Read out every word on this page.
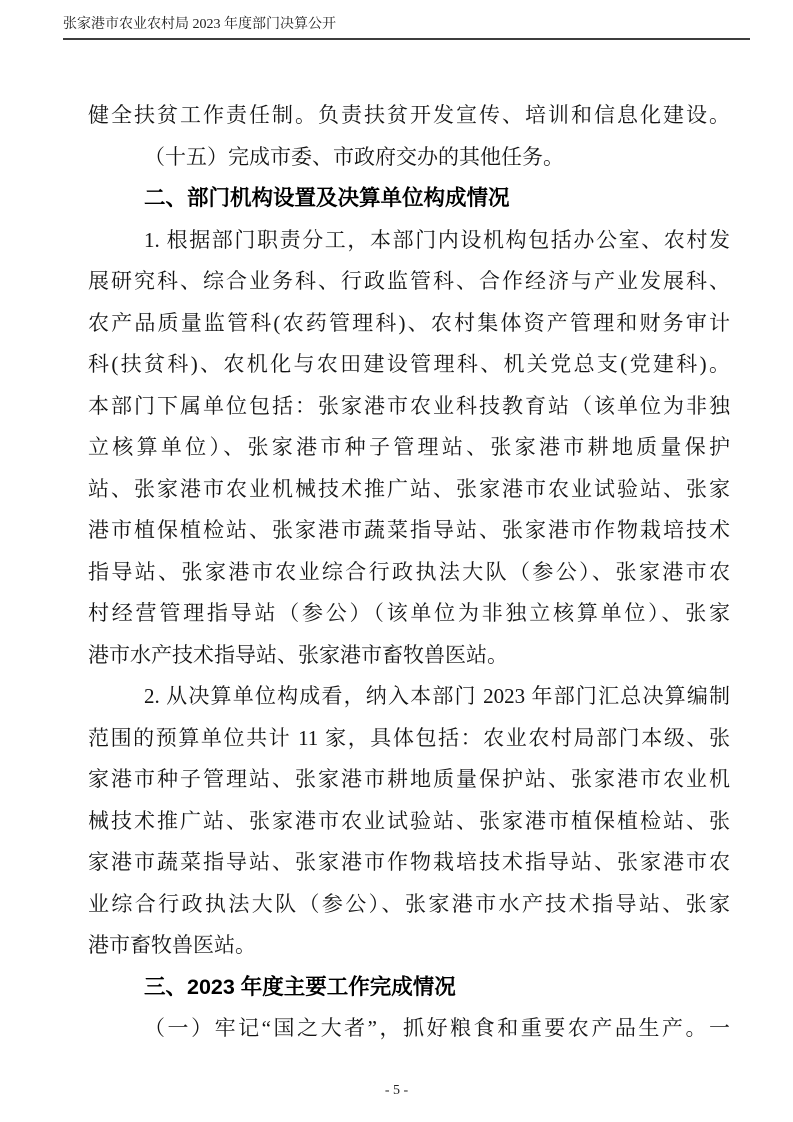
张家港市农业农村局 2023 年度部门决算公开
健全扶贫工作责任制。负责扶贫开发宣传、培训和信息化建设。
（十五）完成市委、市政府交办的其他任务。
二、部门机构设置及决算单位构成情况
1. 根据部门职责分工，本部门内设机构包括办公室、农村发
展研究科、综合业务科、行政监管科、合作经济与产业发展科、
农产品质量监管科(农药管理科)、农村集体资产管理和财务审计
科(扶贫科)、农机化与农田建设管理科、机关党总支(党建科)。
本部门下属单位包括：张家港市农业科技教育站（该单位为非独
立核算单位）、张家港市种子管理站、张家港市耕地质量保护
站、张家港市农业机械技术推广站、张家港市农业试验站、张家
港市植保植检站、张家港市蔬菜指导站、张家港市作物栽培技术
指导站、张家港市农业综合行政执法大队（参公）、张家港市农
村经营管理指导站（参公）（该单位为非独立核算单位）、张家
港市水产技术指导站、张家港市畜牧兽医站。
2. 从决算单位构成看，纳入本部门 2023 年部门汇总决算编制
范围的预算单位共计 11 家，具体包括：农业农村局部门本级、张
家港市种子管理站、张家港市耕地质量保护站、张家港市农业机
械技术推广站、张家港市农业试验站、张家港市植保植检站、张
家港市蔬菜指导站、张家港市作物栽培技术指导站、张家港市农
业综合行政执法大队（参公）、张家港市水产技术指导站、张家
港市畜牧兽医站。
三、2023 年度主要工作完成情况
（一）牢记“国之大者”，抓好粮食和重要农产品生产。一
- 5 -
